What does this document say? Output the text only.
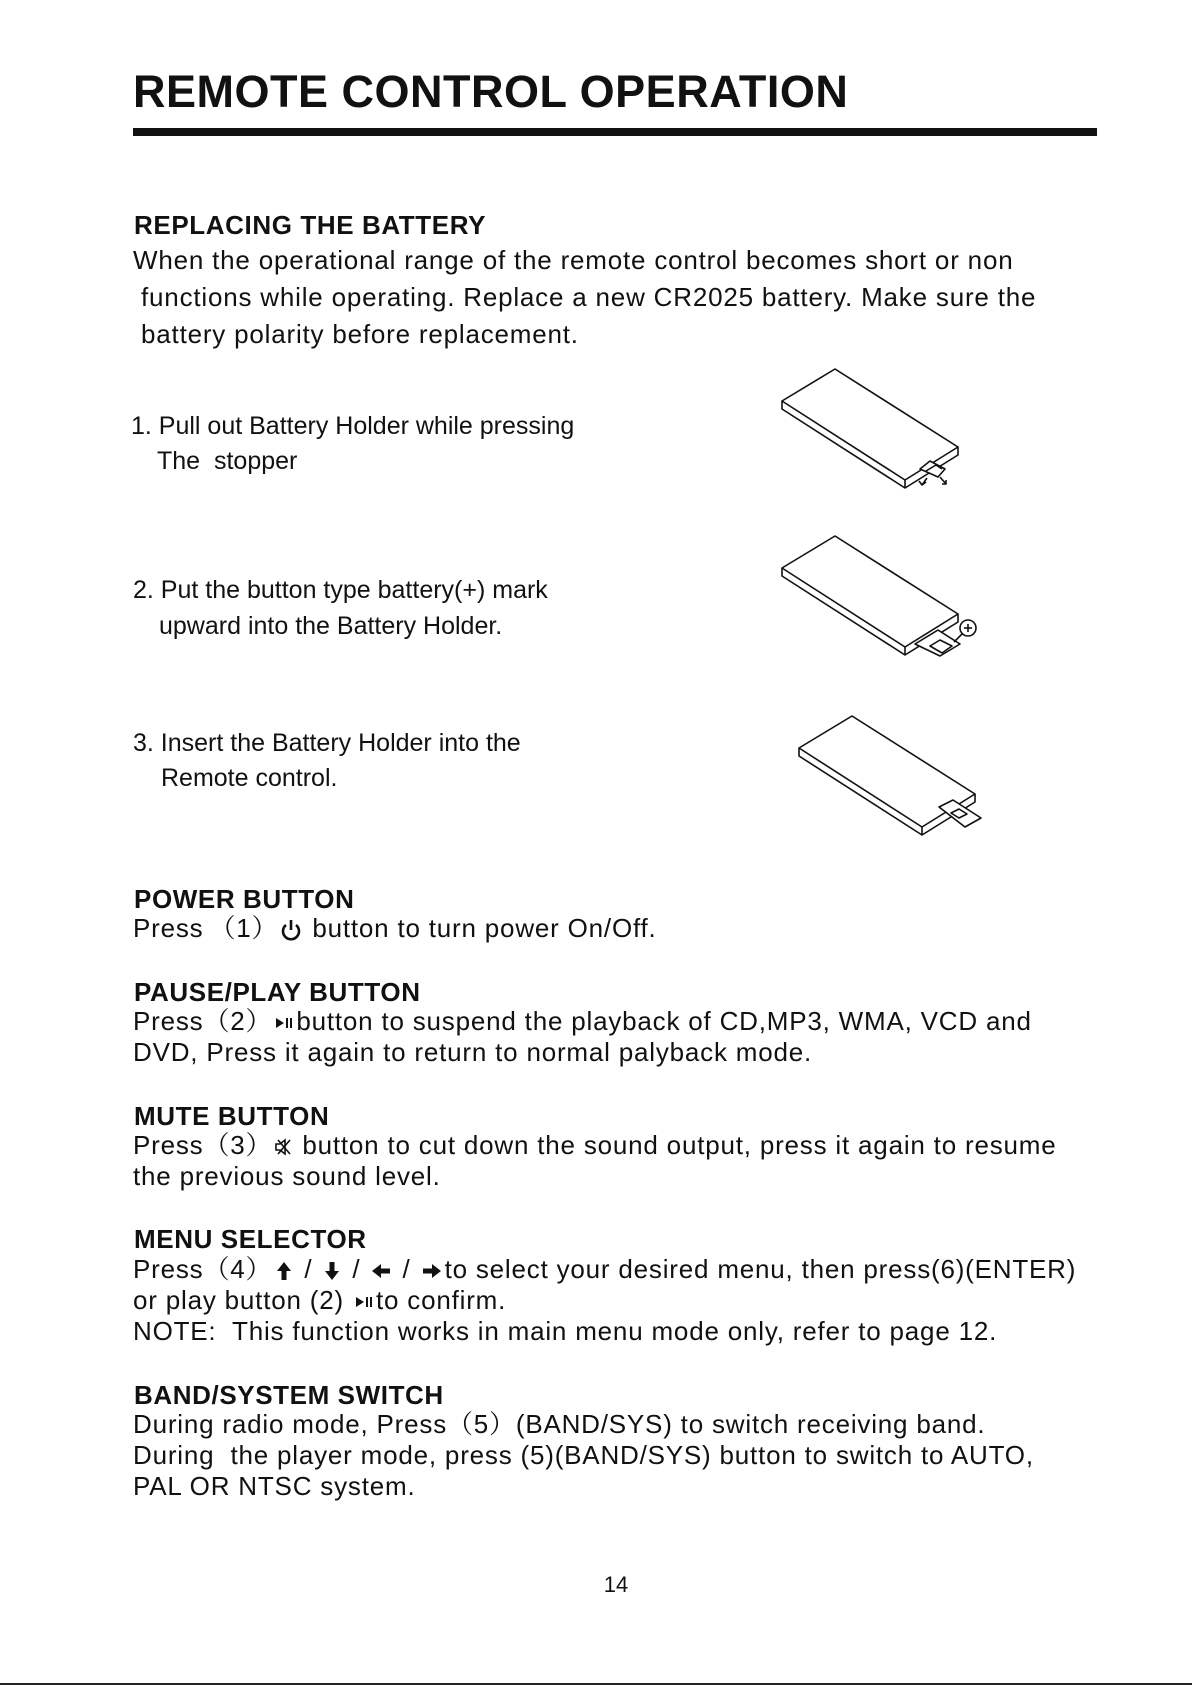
REMOTE CONTROL OPERATION
REPLACING THE BATTERY
When the operational range of the remote control becomes short or non
functions while operating. Replace a new CR2025 battery. Make sure the
battery polarity before replacement.
1. Pull out Battery Holder while pressing
The  stopper
2. Put the button type battery(+) mark
upward into the Battery Holder.
3. Insert the Battery Holder into the
Remote control.
POWER BUTTON
Press （1） button to turn power On/Off.
PAUSE/PLAY BUTTON
Press（2） button to suspend the playback of CD,MP3, WMA, VCD and
DVD, Press it again to return to normal palyback mode.
MUTE BUTTON
Press（3） button to cut down the sound output, press it again to resume
the previous sound level.
MENU SELECTOR
Press（4） /  /  / to select your desired menu, then press(6)(ENTER)
or play button (2) to confirm.
NOTE:  This function works in main menu mode only, refer to page 12.
BAND/SYSTEM SWITCH
During radio mode, Press（5）(BAND/SYS) to switch receiving band.
During  the player mode, press (5)(BAND/SYS) button to switch to AUTO,
PAL OR NTSC system.
14
